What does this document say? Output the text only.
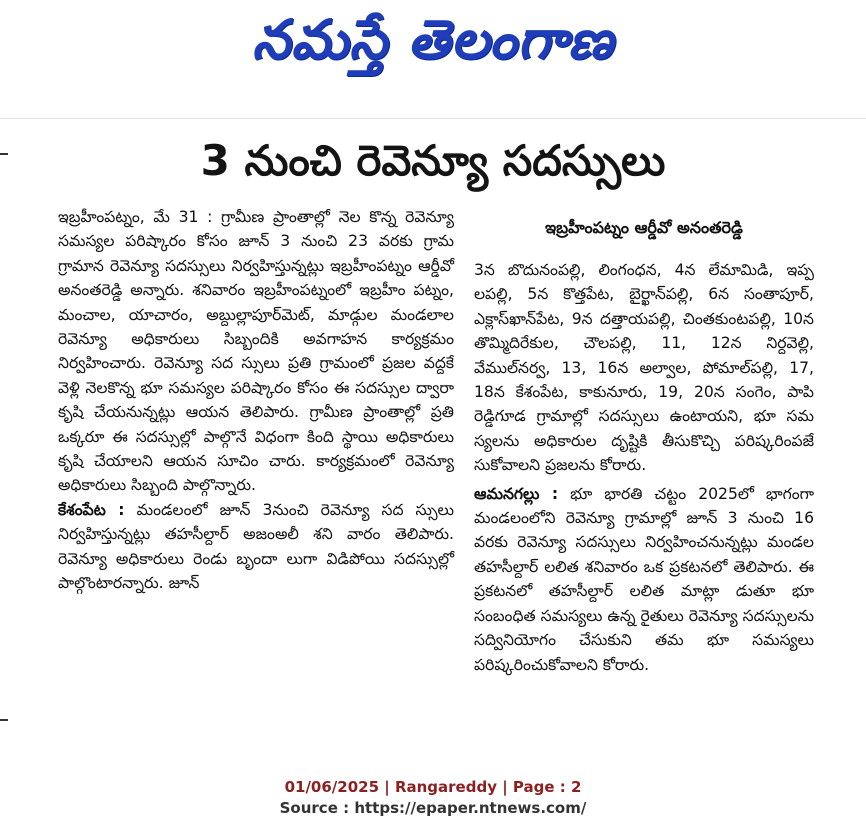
నమస్తే తెలంగాణ
3 నుంచి రెవెన్యూ సదస్సులు

ఇబ్రహీంపట్నం, మే 31 : గ్రామీణ ప్రాంతాల్లో నెల కొన్న రెవెన్యూ సమస్యల పరిష్కారం కోసం జూన్ 3 నుంచి 23 వరకు గ్రామ గ్రామాన రెవెన్యూ సదస్సులు నిర్వహిస్తున్నట్లు ఇబ్రహీంపట్నం ఆర్డీవో అనంతరెడ్డి అన్నారు. శనివారం ఇబ్రహీంపట్నంలో ఇబ్రహీం పట్నం, మంచాల, యాచారం, అబ్దుల్లాపూర్‌మెట్, మాడ్గుల మండలాల రెవెన్యూ అధికారులు సిబ్బందికి అవగాహన కార్యక్రమం నిర్వహించారు. రెవెన్యూ సద స్సులు ప్రతి గ్రామంలో ప్రజల వద్దకే వెళ్లి నెలకొన్న భూ సమస్యల పరిష్కారం కోసం ఈ సదస్సుల ద్వారా కృషి చేయనున్నట్లు ఆయన తెలిపారు. గ్రామీణ ప్రాంతాల్లో ప్రతి ఒక్కరూ ఈ సదస్సుల్లో పాల్గొనే విధంగా కింది స్థాయి అధికారులు కృషి చేయాలని ఆయన సూచిం చారు. కార్యక్రమంలో రెవెన్యూ అధికారులు సిబ్బంది పాల్గొన్నారు.

కేశంపేట : మండలంలో జూన్ 3నుంచి రెవెన్యూ సద స్సులు నిర్వహిస్తున్నట్లు తహసీల్దార్ అజంఅలీ శని వారం తెలిపారు. రెవెన్యూ అధికారులు రెండు బృందా లుగా విడిపోయి సదస్సుల్లో పాల్గొంటారన్నారు. జూన్

ఇబ్రహీంపట్నం ఆర్డీవో అనంతరెడ్డి

3న బొదునంపల్లి, లింగంధన, 4న లేమామిడి, ఇప్ప లపల్లి, 5న కొత్తపేట, బైర్ఖాన్‌పల్లి, 6న సంతాపూర్, ఎక్లాస్‌ఖాన్‌పేట, 9న దత్తాయపల్లి, చింతకుంటపల్లి, 10న తొమ్మిదిరేకుల, చౌలపల్లి, 11, 12న నిర్దవెల్లి, వేముల్‌నర్వ, 13, 16న అల్వాల, పోమాల్‌పల్లి, 17, 18న కేశంపేట, కాకునూరు, 19, 20న సంగెం, పాపి రెడ్డిగూడ గ్రామాల్లో సదస్సులు ఉంటాయని, భూ సమ స్యలను అధికారుల దృష్టికి తీసుకొచ్చి పరిష్కరింపజే సుకోవాలని ప్రజలను కోరారు.

ఆమనగల్లు : భూ భారతి చట్టం 2025లో భాగంగా మండలంలోని రెవెన్యూ గ్రామాల్లో జూన్ 3 నుంచి 16 వరకు రెవెన్యూ సదస్సులు నిర్వహించనున్నట్లు మండల తహసీల్దార్ లలిత శనివారం ఒక ప్రకటనలో తెలిపారు. ఈ ప్రకటనలో తహసీల్దార్ లలిత మాట్లా డుతూ భూ సంబంధిత సమస్యలు ఉన్న రైతులు రెవెన్యూ సదస్సులను సద్వినియోగం చేసుకుని తమ భూ సమస్యలు పరిష్కరించుకోవాలని కోరారు.

01/06/2025 | Rangareddy | Page : 2
Source : https://epaper.ntnews.com/
